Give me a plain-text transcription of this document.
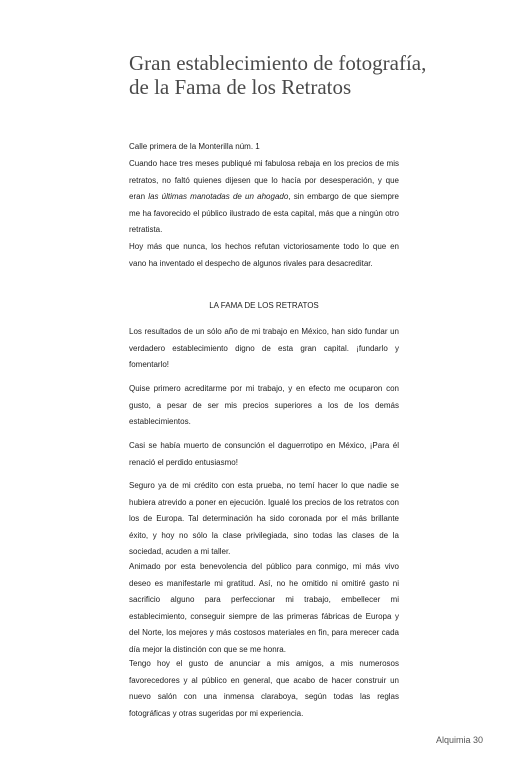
Gran establecimiento de fotografía, de la Fama de los Retratos

Calle primera de la Monterilla núm. 1

Cuando hace tres meses publiqué mi fabulosa rebaja en los precios de mis retratos, no faltó quienes dijesen que lo hacía por desesperación, y que eran las últimas manotadas de un ahogado, sin embargo de que siempre me ha favorecido el público ilustrado de esta capital, más que a ningún otro retratista.

Hoy más que nunca, los hechos refutan victoriosamente todo lo que en vano ha inventado el despecho de algunos rivales para desacreditar.

LA FAMA DE LOS RETRATOS

Los resultados de un sólo año de mi trabajo en México, han sido fundar un verdadero establecimiento digno de esta gran capital. ¡fundarlo y fomentarlo!

Quise primero acreditarme por mi trabajo, y en efecto me ocuparon con gusto, a pesar de ser mis precios superiores a los de los demás establecimientos.

Casi se había muerto de consunción el daguerrotipo en México, ¡Para él renació el perdido entusiasmo!

Seguro ya de mi crédito con esta prueba, no temí hacer lo que nadie se hubiera atrevido a poner en ejecución. Igualé los precios de los retratos con los de Europa. Tal determinación ha sido coronada por el más brillante éxito, y hoy no sólo la clase privilegiada, sino todas las clases de la sociedad, acuden a mi taller.

Animado por esta benevolencia del público para conmigo, mi más vivo deseo es manifestarle mi gratitud. Así, no he omitido ni omitiré gasto ni sacrificio alguno para perfeccionar mi trabajo, embellecer mi establecimiento, conseguir siempre de las primeras fábricas de Europa y del Norte, los mejores y más costosos materiales en fin, para merecer cada día mejor la distinción con que se me honra.

Tengo hoy el gusto de anunciar a mis amigos, a mis numerosos favorecedores y al público en general, que acabo de hacer construir un nuevo salón con una inmensa claraboya, según todas las reglas fotográficas y otras sugeridas por mi experiencia.

Alquimia 30
